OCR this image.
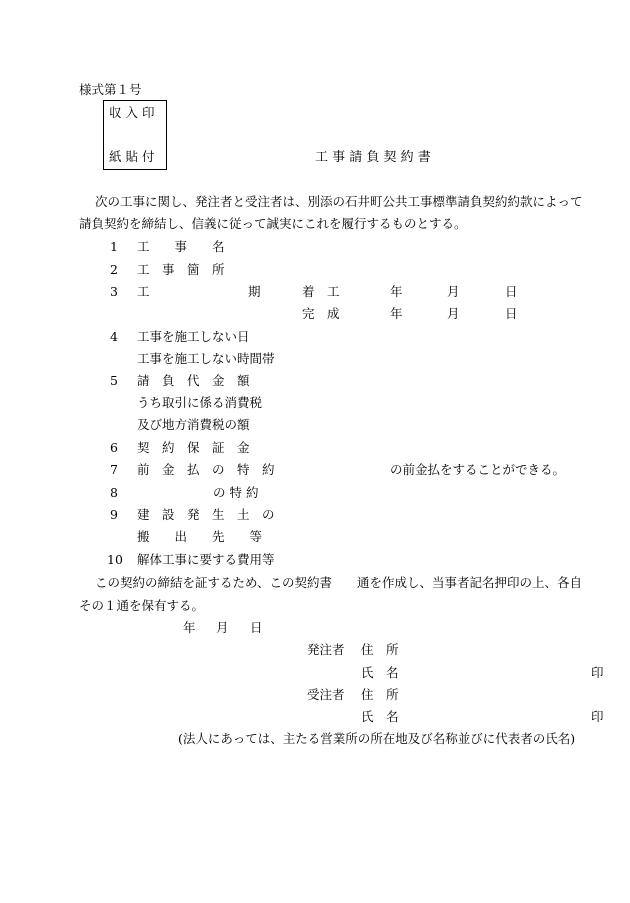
様式第１号
収 入 印
紙 貼 付	工 事 請 負 契 約 書
次の工事に関し、発注者と受注者は、別添の石井町公共工事標準請負契約約款によって
請負契約を締結し、信義に従って誠実にこれを履行するものとする。
1 工　　事　　名
2 工　事　箇　所
3 工	期	着　工	年	月	日
完　成	年	月	日
4 工事を施工しない日
工事を施工しない時間帯
5 請　負　代　金　額
うち取引に係る消費税
及び地方消費税の額
6 契　約　保　証　金
7 前　金　払　の　特　約	の前金払をすることができる。
8	の 特 約
9 建　設　発　生　土　の
搬　　出　　先　　等
10 解体工事に要する費用等
この契約の締結を証するため、この契約書　　通を作成し、当事者記名押印の上、各自
その１通を保有する。
年 月 日
発注者 住　所
氏　名	印
受注者 住　所
氏　名	印
(法人にあっては、主たる営業所の所在地及び名称並びに代表者の氏名)
